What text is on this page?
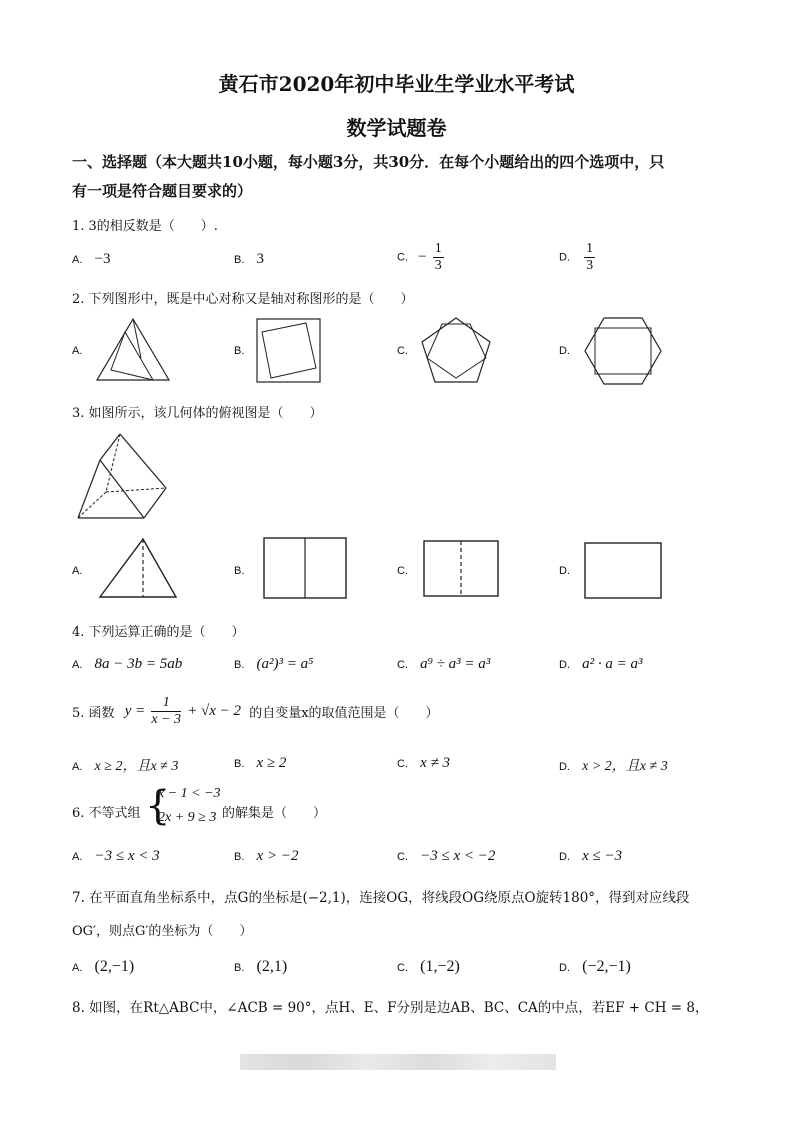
黄石市2020年初中毕业生学业水平考试
数学试题卷
一、选择题（本大题共10小题，每小题3分，共30分．在每个小题给出的四个选项中，只
有一项是符合题目要求的）
1. 3的相反数是（　　）.
A. −3	B. 3	C. − $\frac{1}{3}$	D. $\frac{1}{3}$
2. 下列图形中，既是中心对称又是轴对称图形的是（　　）
A.	B.	C.	D.
3. 如图所示，该几何体的俯视图是（　　）
A.	B.	C.	D.
4. 下列运算正确的是（　　）
A. 8a − 3b = 5ab	B. (a²)³ = a⁵	C. a⁹ ÷ a³ = a³	D. a² · a = a³
5. 函数 $y = \frac{1}{x - 3} + √x - 2$ 的自变量x的取值范围是（　　）
A. x ≥ 2，且x ≠ 3	B. x ≥ 2	C. x ≠ 3	D. x > 2，且x ≠ 3
6. 不等式组 {
x − 1 < −3
2x + 9 ≥ 3 的解集是（　　）
A. −3 ≤ x < 3	B. x > −2	C. −3 ≤ x < −2	D. x ≤ −3
7. 在平面直角坐标系中，点G的坐标是(−2,1)，连接OG，将线段OG绕原点O旋转180°，得到对应线段
OG′，则点G′的坐标为（　　）
A. (2,−1)	B. (2,1)	C. (1,−2)	D. (−2,−1)
8. 如图，在Rt△ABC中，∠ACB = 90°，点H、E、F分别是边AB、BC、CA的中点，若EF + CH = 8，
